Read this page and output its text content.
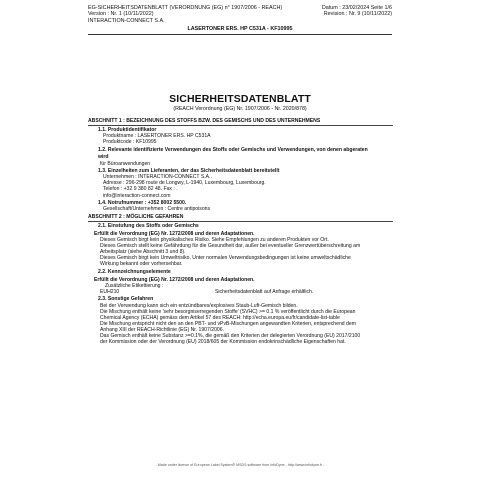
EG-SICHERHEITSDATENBLATT (VERORDNUNG (EG) n° 1907/2006 - REACH)
Version : Nr. 1 (10/11/2022)
INTERACTION-CONNECT S.A.
Datum : 23/02/2024 Seite 1/6
Revision : Nr. 9 (10/11/2022)
LASERTONER ERS. HP C531A - KF10995
SICHERHEITSDATENBLATT
(REACH Verordnung (EG) Nr. 1907/2006 - Nr. 2020/878)
ABSCHNITT 1 : BEZEICHNUNG DES STOFFS BZW. DES GEMISCHS UND DES UNTERNEHMENS
1.1. Produktidentifikator
Produktname : LASERTONER ERS. HP C531A
Produktcode : KF10995
1.2. Relevante identifizierte Verwendungen des Stoffs oder Gemischs und Verwendungen, von denen abgeraten
wird
für Büroanwendungen
1.3. Einzelheiten zum Lieferanten, der das Sicherheitsdatenblatt bereitstellt
Unternehmen : INTERACTION-CONNECT S.A..
Adresse : 296-298 route de Longwy, L-1940, Luxembourg, Luxembourg.
Telefon : +32 9 380 82 48. Fax : .
info@interaction-connect.com
1.4. Notrufnummer : +352 8002 5500.
Gesellschaft/Unternehmen : Centre antipoisons
ABSCHNITT 2 : MÖGLICHE GEFAHREN
2.1. Einstufung des Stoffs oder Gemischs
Erfüllt die Verordnung (EG) Nr. 1272/2008 und deren Adaptationen.
Dieses Gemisch birgt kein physikalisches Risiko. Siehe Empfehlungen zu anderen Produkten vor Ort.
Dieses Gemisch stellt keine Gefährdung für die Gesundheit dar, außer bei eventueller Grenzwertüberschreitung am
Arbeitsplatz (siehe Abschnitt 3 und 8).
Dieses Gemisch birgt kein Umweltrisiko. Unter normalen Verwendungsbedingungen ist keine umweltschädliche
Wirkung bekannt oder vorhersehbar.
2.2. Kennzeichnungselemente
Erfüllt die Verordnung (EG) Nr. 1272/2008 und deren Adaptationen.
Zusätzliche Etikettierung :
EUH210	Sicherheitsdatenblatt auf Anfrage erhältlich.
2.3. Sonstige Gefahren
Bei der Verwendung kann sich ein entzündbares/explosives Staub-Luft-Gemisch bilden.
Die Mischung enthält keine 'sehr besorgniserregenden Stoffe' (SVHC) >= 0.1 % veröffentlicht durch die European
Chemical Agency (ECHA) gemäss dem Artikel 57 des REACH: http://echa.europa.eu/fr/candidate-list-table
Die Mischung entspricht nicht den an den PBT- und vPvB-Mischungen angewandten Kriterien, entsprechend dem
Anhang XIII der REACH-Richtlinie (EG) Nr. 1907/2006.
Das Gemisch enthält keine Substanz >=0.1%, die gemäß den Kriterien der delegierten Verordnung (EU) 2017/2100
der Kommission oder der Verordnung (EU) 2018/605 der Kommission endokrinschädliche Eigenschaften hat.
- Made under licence of European Label System® MSDS software from InfoDyne - http://www.infodyne.fr -
